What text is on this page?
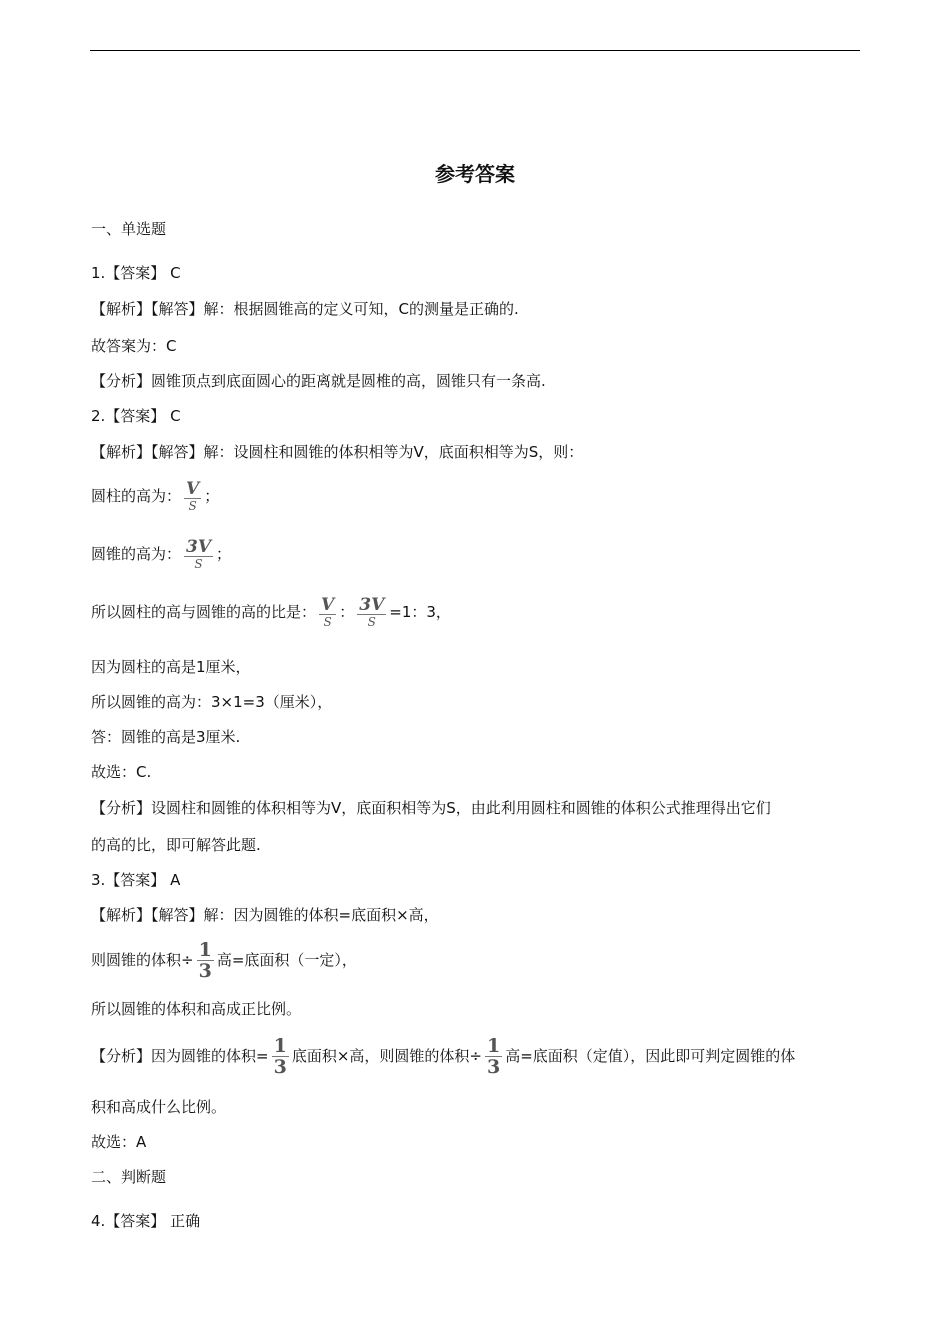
参考答案
一、单选题
1.【答案】 C
【解析】【解答】解：根据圆锥高的定义可知，C的测量是正确的.
故答案为：C
【分析】圆锥顶点到底面圆心的距离就是圆椎的高，圆锥只有一条高.
2.【答案】 C
【解析】【解答】解：设圆柱和圆锥的体积相等为V，底面积相等为S，则：
圆柱的高为： $\frac{V}{S}$ ；
圆锥的高为： $\frac{3V}{S}$ ；
所以圆柱的高与圆锥的高的比是： $\frac{V}{S}$ ： $\frac{3V}{S} =1$：3，
因为圆柱的高是1厘米，
所以圆锥的高为：3×1=3（厘米），
答：圆锥的高是3厘米.
故选：C.
【分析】设圆柱和圆锥的体积相等为V，底面积相等为S，由此利用圆柱和圆锥的体积公式推理得出它们
的高的比，即可解答此题.
3.【答案】 A
【解析】【解答】解：因为圆锥的体积=底面积×高，
则圆锥的体积÷ $\frac{1}{3}$ 高=底面积（一定），
所以圆锥的体积和高成正比例。
【分析】因为圆锥的体积= $\frac{1}{3}$ 底面积×高，则圆锥的体积÷ $\frac{1}{3}$ 高=底面积（定值），因此即可判定圆锥的体
积和高成什么比例。
故选：A
二、判断题
4.【答案】 正确
